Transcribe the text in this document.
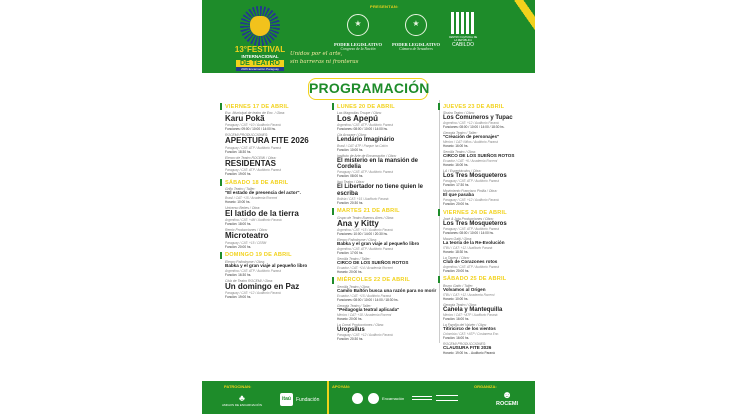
PRESENTAN:
13°FESTIVAL
INTERNACIONAL
DE TEATRO
2026 Encarnación Paraguay
Unidos por el arte,
sin barreras ni fronteras
★
PODER LEGISLATIVO
Congreso de la Nación
★
PODER LEGISLATIVO
Cámara de Senadores
CENTRO CULTURAL DE LA REPÚBLICA
CABILDO
PROGRAMACIÓN
VIERNES 17 DE ABRIL
Esc. Municipal de teatro de Enc. / Obra:
Karu Pokã
Paraguay / CAT: +10 / Auditorio Paraná
Funciones: 09:00 / 10:00 / 14:00 hs.
ROCEMI PRODUCCIONES:
APERTURA FITE 2026
Paraguay / CAT: ATP / Auditorio Paraná
Función: 18:30 hs.
Elenco de Teatro ROCEMI / Obra:
RESIDENTAS
Paraguay / CAT: ATP / Auditorio Paraná
Función: 19:00 hs.
SÁBADO 18 DE ABRIL
Grillo Teatro / Taller:
"El estado de presencia del actor".
Brasil / CAT: +15 / Academia Rocemi
Horario: 10:00 hs.
Universo Bebes / Obra:
El latido de la tierra
Argentina / CAT: +4M / Auditorio Paraná
Función: 18:00 hs.
Remix Producciones / Obra:
Microteatro
Paraguay / CAT: +15 / CEBM
Función: 20:00 hs.
DOMINGO 19 DE ABRIL
Elenco Palindrome / Obra:
Babka y el gran viaje al pequeño libro
Argentina / CAT: ATP / Auditorio Paraná
Función: 16:30 hs.
Club de Teatro ROCEMI / Obra:
Un domingo en Paz
Paraguay / CAT: +12 / Auditorio Paraná
Función: 19:00 hs.
LUNES 20 DE ABRIL
Las Magnolias Troupe / Obra:
Los Apepú
Argentina / CAT: ATP / Auditorio Paraná
Funciones: 08:00 / 10:00 / 14:00 hs.
Cia Acozare / Obra:
Lendário Imaginário
Brasil / CAT: ATP / Parque ha Calón
Función: 10:00 hs.
Instituto de Arte de Encarnación / Obra:
El misterio en la mansión de Cordelia
Paraguay / CAT: ATP / Auditorio Paraná
Función: 08:00 hs.
Itaú Teatro / Obra:
El Libertador no tiene quien le escriba
Bolivia / CAT: +15 / Auditorio Paraná
Función: 20:30 hs.
MARTES 21 DE ABRIL
Grupo de Teatro Buenos Aires / Obra:
Ana y Kitty
Argentina / CAT: +15 / Auditorio Paraná
Funciones: 10:00 / 14:00 / 20:30 hs.
Elenco Palindrome / Obra:
Babka y el gran viaje al pequeño libro
Argentina / CAT: ATP / Auditorio Paraná
Función: 17:00 hs.
Semilla Teatro / Taller:
CIRCO DE LOS SUEÑOS ROTOS
Ecuador / CAT: +14 / Academia Rocemi
Horario: 20:00 hs.
MIÉRCOLES 22 DE ABRIL
Semilla Teatro / Obra:
Camilo Baltón busca una razón para no morir
Ecuador / CAT: +15 / Auditorio Paraná
Funciones: 08:00 / 10:00 / 14:00 / 18:30 hs.
Georgia Teatro / Taller:
"Pedagogía teatral aplicada"
México / CAT: +18 / Academia Rocemi
Horario: 20:00 hs.
La Corral Producciones / Obra:
Uropsilus
Paraguay / CAT: +12 / Auditorio Paraná
Función: 20:30 hs.
JUEVES 23 DE ABRIL
Shaira Teatro / Obra:
Los Comuneros y Tupac
Argentina / CAT: +12 / Auditorio Paraná
Funciones: 08:00 / 10:00 / 14:00 / 18:30 hs.
Georgia Teatro / Taller:
"Creación de personajes"
México / CAT: Niños / Auditorio Paraná
Horario: 16:00 hs.
Semilla Teatro / Obra:
CIRCO DE LOS SUEÑOS ROTOS
Ecuador / CAT: +6 / Academia Rocemi
Horario: 16:00 hs.
LA / Espectáculos / Obra:
Los Tres Mosqueteros
Paraguay / CAT: ATP / Auditorio Paraná
Función: 17:30 hs.
Movimiento Francisco Pinilla / Obra:
El que pasaba
Paraguay / CAT: +12 / Auditorio Paraná
Función: 20:00 hs.
VIERNES 24 DE ABRIL
José & Jota Producciones / Obra:
Los Tres Mosqueteros
Paraguay / CAT: ATP / Auditorio Paraná
Funciones: 08:00 / 10:00 / 14:00 hs.
Mauro Gatti / Obra:
La teoría de la Re-Evolución
ITBU / CAT: +12 / Auditorio Paraná
Horario: 18:30 hs.
La Tapera / Obra:
Club de Corazones rotos
Argentina / CAT: ATP / Auditorio Paraná
Función: 20:00 hs.
SÁBADO 25 DE ABRIL
Bruno Gatto / Taller:
Volvamos al Origen
ITBU / CAT: +12 / Academia Rocemi
Horario: 10:00 hs.
Georgia Teatro / Obra:
Canela y Mantequilla
México / CAT: +ATP / Auditorio Paraná
Función: 16:00 hs.
La Familia del Vaivén / Obra:
Titiricirco de los vientos
Colombia / CAT: +ATP / Costanera Enc.
Función: 16:00 hs.
ROCEMI PRODUCCIONES:
CLAUSURA FITE 2026
Horario: 19:00 hs. - Auditorio Paraná
PATROCINAN:
♣
AMIGOS DE ENCARNACIÓN
itaú	Fundación
APOYAN:
Encarnación
ORGANIZA:
☻
ROCEMI
